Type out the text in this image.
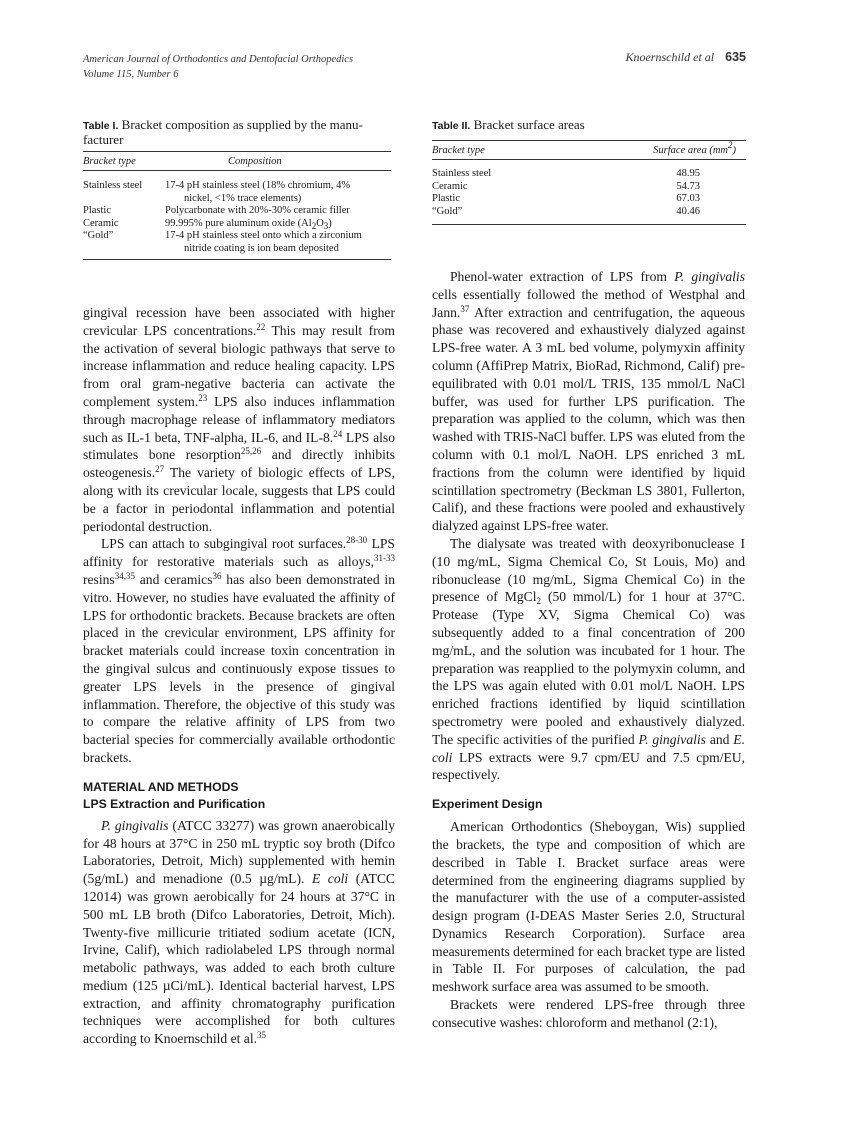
American Journal of Orthodontics and Dentofacial Orthopedics
Volume 115, Number 6
Knoernschild et al 635
Table I. Bracket composition as supplied by the manu-
facturer
Bracket type	Composition
Stainless steel	17-4 pH stainless steel (18% chromium, 4%
nickel, <1% trace elements)
Plastic	Polycarbonate with 20%-30% ceramic filler
Ceramic	99.995% pure aluminum oxide $(Al_2O_3)$
“Gold”	17-4 pH stainless steel onto which a zirconium
nitride coating is ion beam deposited
Table II. Bracket surface areas
Bracket type	Surface area $(mm^2)$
Stainless steel	48.95
Ceramic	54.73
Plastic	67.03
“Gold”	40.46

gingival recession have been associated with higher crevicular LPS concentrations.$^{22}$ This may result from the activation of several biologic pathways that serve to increase inflammation and reduce healing capacity. LPS from oral gram-negative bacteria can activate the complement system.$^{23}$ LPS also induces inflammation through macrophage release of inflammatory mediators such as IL-1 beta, TNF-alpha, IL-6, and IL-8.24 LPS also stimulates bone resorption$^{25,26}$ and directly inhibits osteogenesis.$^{27}$ The variety of biologic effects of LPS, along with its crevicular locale, suggests that LPS could be a factor in periodontal inflammation and potential periodontal destruction.

LPS can attach to subgingival root surfaces.$^{28-30}$ LPS affinity for restorative materials such as alloys,$^{31-33}$ resins$^{34,35}$ and ceramics$^{36}$ has also been demonstrated in vitro. However, no studies have evaluated the affinity of LPS for orthodontic brackets. Because brackets are often placed in the crevicular environment, LPS affinity for bracket materials could increase toxin concentration in the gingival sulcus and continuously expose tissues to greater LPS levels in the presence of gingival inflammation. Therefore, the objective of this study was to compare the relative affinity of LPS from two bacterial species for commercially available orthodontic brackets.

MATERIAL AND METHODS

LPS Extraction and Purification

P. gingivalis (ATCC 33277) was grown anaerobically for 48 hours at 37°C in 250 mL tryptic soy broth (Difco Laboratories, Detroit, Mich) supplemented with hemin (5g/mL) and menadione (0.5 µg/mL). E coli (ATCC 12014) was grown aerobically for 24 hours at 37°C in 500 mL LB broth (Difco Laboratories, Detroit, Mich). Twenty-five millicurie tritiated sodium acetate (ICN, Irvine, Calif), which radiolabeled LPS through normal metabolic pathways, was added to each broth culture medium (125 µCi/mL). Identical bacterial harvest, LPS extraction, and affinity chromatography purification techniques were accomplished for both cultures according to Knoernschild et al.$^{35}$

Phenol-water extraction of LPS from P. gingivalis cells essentially followed the method of Westphal and Jann.$^{37}$ After extraction and centrifugation, the aqueous phase was recovered and exhaustively dialyzed against LPS-free water. A 3 mL bed volume, polymyxin affinity column (AffiPrep Matrix, BioRad, Richmond, Calif) pre-equilibrated with 0.01 mol/L TRIS, 135 mmol/L NaCl buffer, was used for further LPS purification. The preparation was applied to the column, which was then washed with TRIS-NaCl buffer. LPS was eluted from the column with 0.1 mol/L NaOH. LPS enriched 3 mL fractions from the column were identified by liquid scintillation spectrometry (Beckman LS 3801, Fullerton, Calif), and these fractions were pooled and exhaustively dialyzed against LPS-free water.

The dialysate was treated with deoxyribonuclease I (10 mg/mL, Sigma Chemical Co, St Louis, Mo) and ribonuclease (10 mg/mL, Sigma Chemical Co) in the presence of MgCl$_2$ (50 mmol/L) for 1 hour at 37°C. Protease (Type XV, Sigma Chemical Co) was subsequently added to a final concentration of 200 mg/mL, and the solution was incubated for 1 hour. The preparation was reapplied to the polymyxin column, and the LPS was again eluted with 0.01 mol/L NaOH. LPS enriched fractions identified by liquid scintillation spectrometry were pooled and exhaustively dialyzed. The specific activities of the purified P. gingivalis and E. coli LPS extracts were 9.7 cpm/EU and 7.5 cpm/EU, respectively.

Experiment Design

American Orthodontics (Sheboygan, Wis) supplied the brackets, the type and composition of which are described in Table I. Bracket surface areas were determined from the engineering diagrams supplied by the manufacturer with the use of a computer-assisted design program (I-DEAS Master Series 2.0, Structural Dynamics Research Corporation). Surface area measurements determined for each bracket type are listed in Table II. For purposes of calculation, the pad meshwork surface area was assumed to be smooth.

Brackets were rendered LPS-free through three consecutive washes: chloroform and methanol (2:1),
